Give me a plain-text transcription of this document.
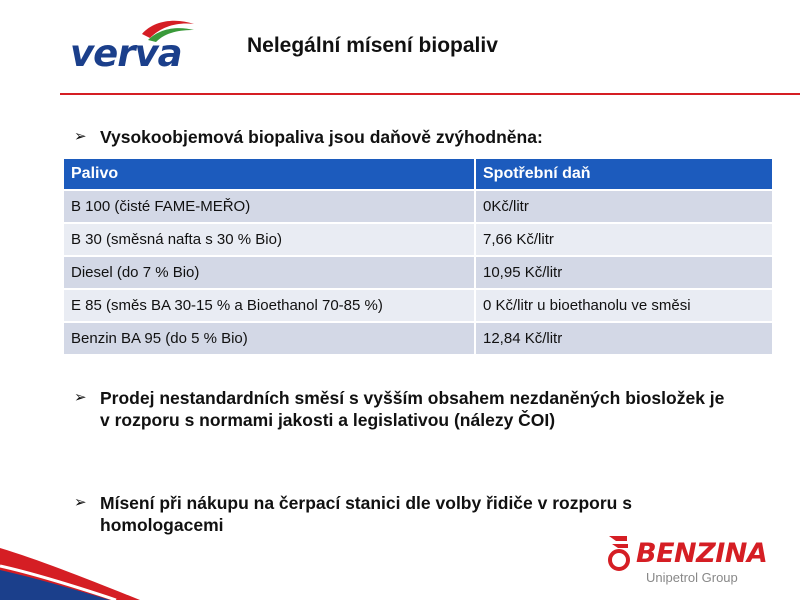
verva	Nelegální mísení biopaliv
➢ Vysokoobjemová biopaliva jsou daňově zvýhodněna:
Palivo	Spotřební daň
B 100 (čisté FAME-MEŘO)	0Kč/litr
B 30 (směsná nafta s 30 % Bio)	7,66 Kč/litr
Diesel (do 7 % Bio)	10,95 Kč/litr
E 85 (směs BA 30-15 % a Bioethanol 70-85 %)	0 Kč/litr u bioethanolu ve směsi
Benzin BA 95 (do 5 % Bio)	12,84 Kč/litr
➢ Prodej nestandardních směsí s vyšším obsahem nezdaněných biosložek je v rozporu s normami jakosti a legislativou (nálezy ČOI)
➢ Mísení při nákupu na čerpací stanici dle volby řidiče v rozporu s homologacemi
BENZINA
Unipetrol Group
